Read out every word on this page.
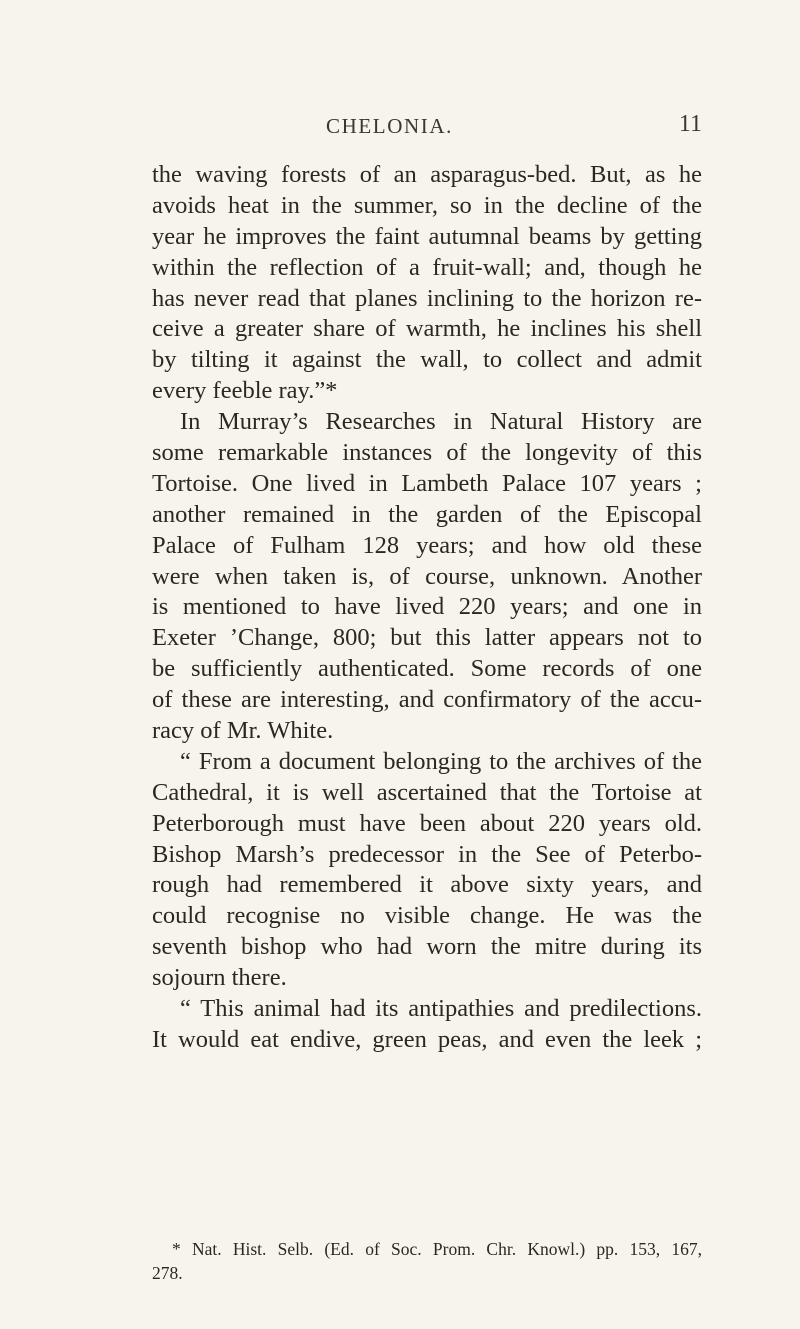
CHELONIA.	11
the waving forests of an asparagus-bed. But, as he
avoids heat in the summer, so in the decline of the
year he improves the faint autumnal beams by getting
within the reflection of a fruit-wall; and, though he
has never read that planes inclining to the horizon re-
ceive a greater share of warmth, he inclines his shell
by tilting it against the wall, to collect and admit
every feeble ray.”*
In Murray’s Researches in Natural History are
some remarkable instances of the longevity of this
Tortoise. One lived in Lambeth Palace 107 years ;
another remained in the garden of the Episcopal
Palace of Fulham 128 years; and how old these
were when taken is, of course, unknown. Another
is mentioned to have lived 220 years; and one in
Exeter ’Change, 800; but this latter appears not to
be sufficiently authenticated. Some records of one
of these are interesting, and confirmatory of the accu-
racy of Mr. White.
“ From a document belonging to the archives of the
Cathedral, it is well ascertained that the Tortoise at
Peterborough must have been about 220 years old.
Bishop Marsh’s predecessor in the See of Peterbo-
rough had remembered it above sixty years, and
could recognise no visible change. He was the
seventh bishop who had worn the mitre during its
sojourn there.
“ This animal had its antipathies and predilections.
It would eat endive, green peas, and even the leek ;
* Nat. Hist. Selb. (Ed. of Soc. Prom. Chr. Knowl.) pp. 153, 167,
278.
